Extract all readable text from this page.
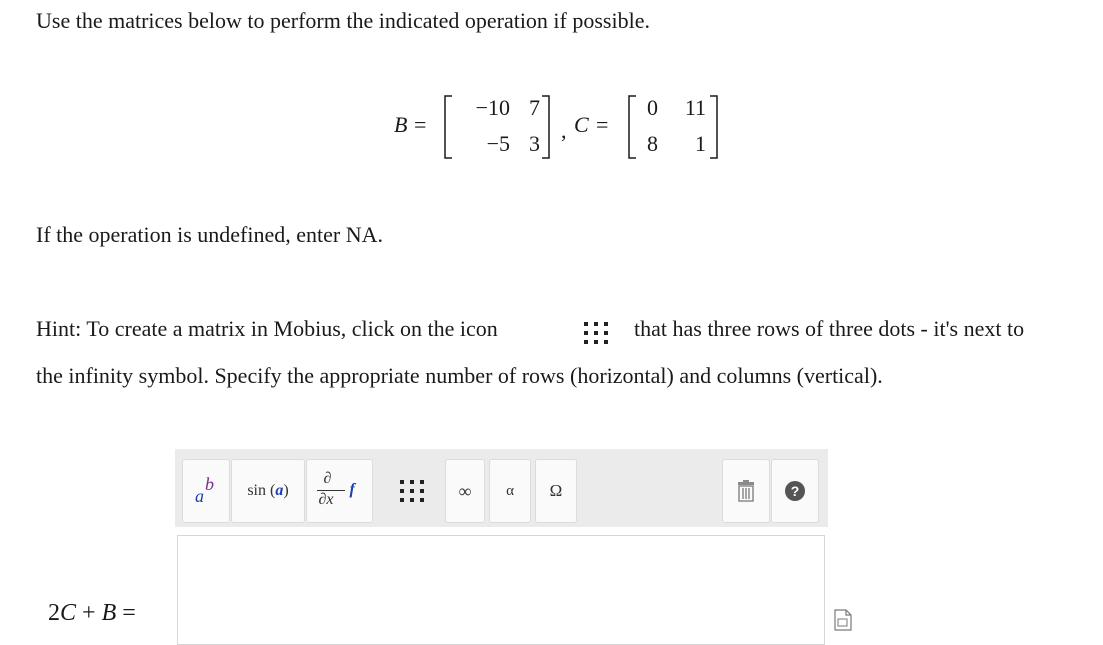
Use the matrices below to perform the indicated operation if possible.
B =
−10 7
−5 3
, C =
0	11
8	1
If the operation is undefined, enter NA.
Hint: To create a matrix in Mobius, click on the icon	that has three rows of three dots - it's next to
the infinity symbol. Specify the appropriate number of rows (horizontal) and columns (vertical).
a
b sin
( a )
∂
∂x
f	∞ α Ω	?
2C + B =
